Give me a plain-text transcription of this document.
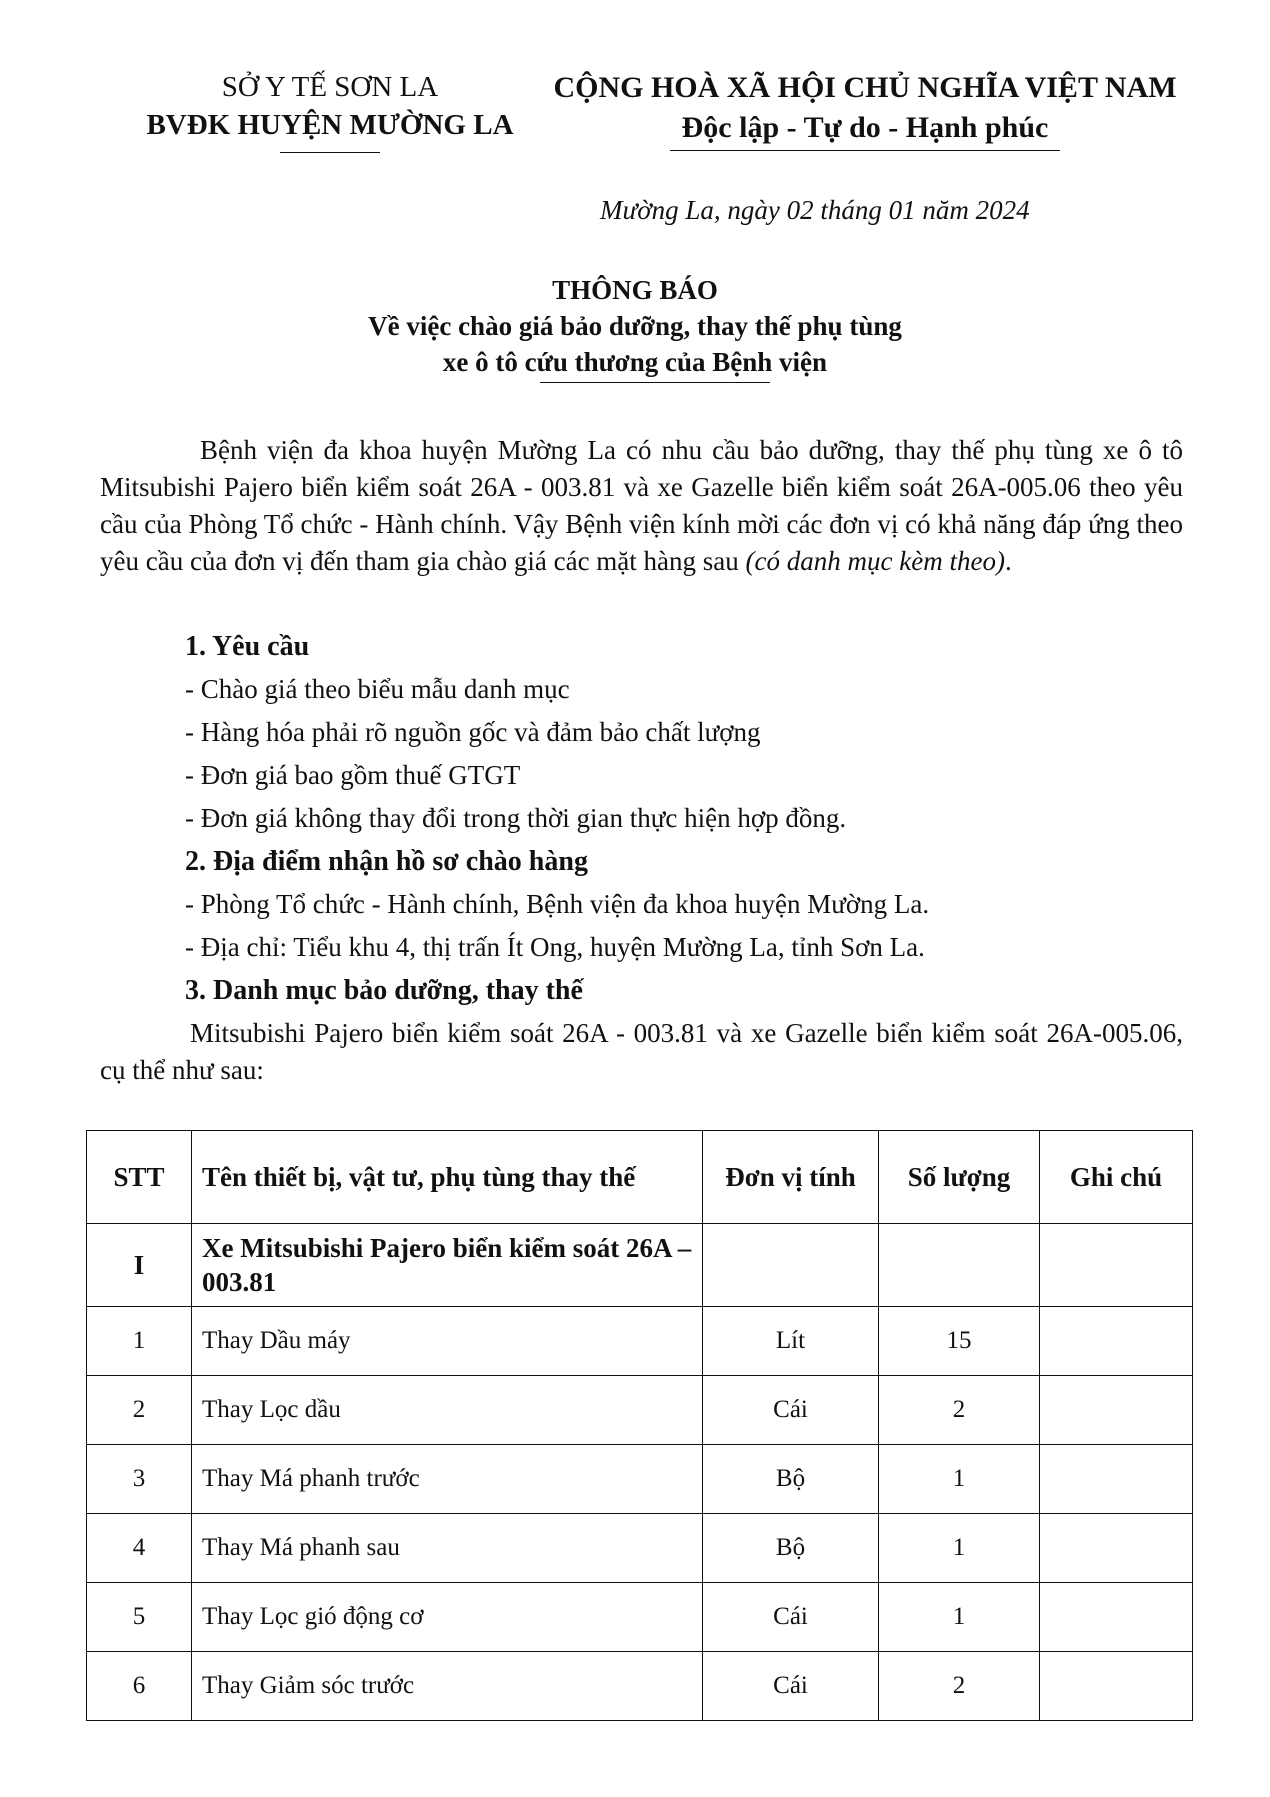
SỞ Y TẾ SƠN LA
BVĐK HUYỆN MƯỜNG LA
CỘNG HOÀ XÃ HỘI CHỦ NGHĨA VIỆT NAM
Độc lập - Tự do - Hạnh phúc
Mường La, ngày 02 tháng 01 năm 2024
THÔNG BÁO
Về việc chào giá bảo dưỡng, thay thế phụ tùng
xe ô tô cứu thương của Bệnh viện
Bệnh viện đa khoa huyện Mường La có nhu cầu bảo dưỡng, thay thế phụ tùng xe ô tô Mitsubishi Pajero biển kiểm soát 26A - 003.81 và xe Gazelle biển kiểm soát 26A-005.06 theo yêu cầu của Phòng Tổ chức - Hành chính. Vậy Bệnh viện kính mời các đơn vị có khả năng đáp ứng theo yêu cầu của đơn vị đến tham gia chào giá các mặt hàng sau (có danh mục kèm theo).
1. Yêu cầu
- Chào giá theo biểu mẫu danh mục
- Hàng hóa phải rõ nguồn gốc và đảm bảo chất lượng
- Đơn giá bao gồm thuế GTGT
- Đơn giá không thay đổi trong thời gian thực hiện hợp đồng.
2. Địa điểm nhận hồ sơ chào hàng
- Phòng Tổ chức - Hành chính, Bệnh viện đa khoa huyện Mường La.
- Địa chỉ: Tiểu khu 4, thị trấn Ít Ong, huyện Mường La, tỉnh Sơn La.
3. Danh mục bảo dưỡng, thay thế
Mitsubishi Pajero biển kiểm soát 26A - 003.81 và xe Gazelle biển kiểm soát 26A-005.06, cụ thể như sau:
STT	Tên thiết bị, vật tư, phụ tùng thay thế	Đơn vị tính	Số lượng	Ghi chú
I	Xe Mitsubishi Pajero biển kiểm soát 26A – 003.81			
1	Thay Dầu máy	Lít	15	
2	Thay Lọc dầu	Cái	2	
3	Thay Má phanh trước	Bộ	1	
4	Thay Má phanh sau	Bộ	1	
5	Thay Lọc gió động cơ	Cái	1	
6	Thay Giảm sóc trước	Cái	2	
